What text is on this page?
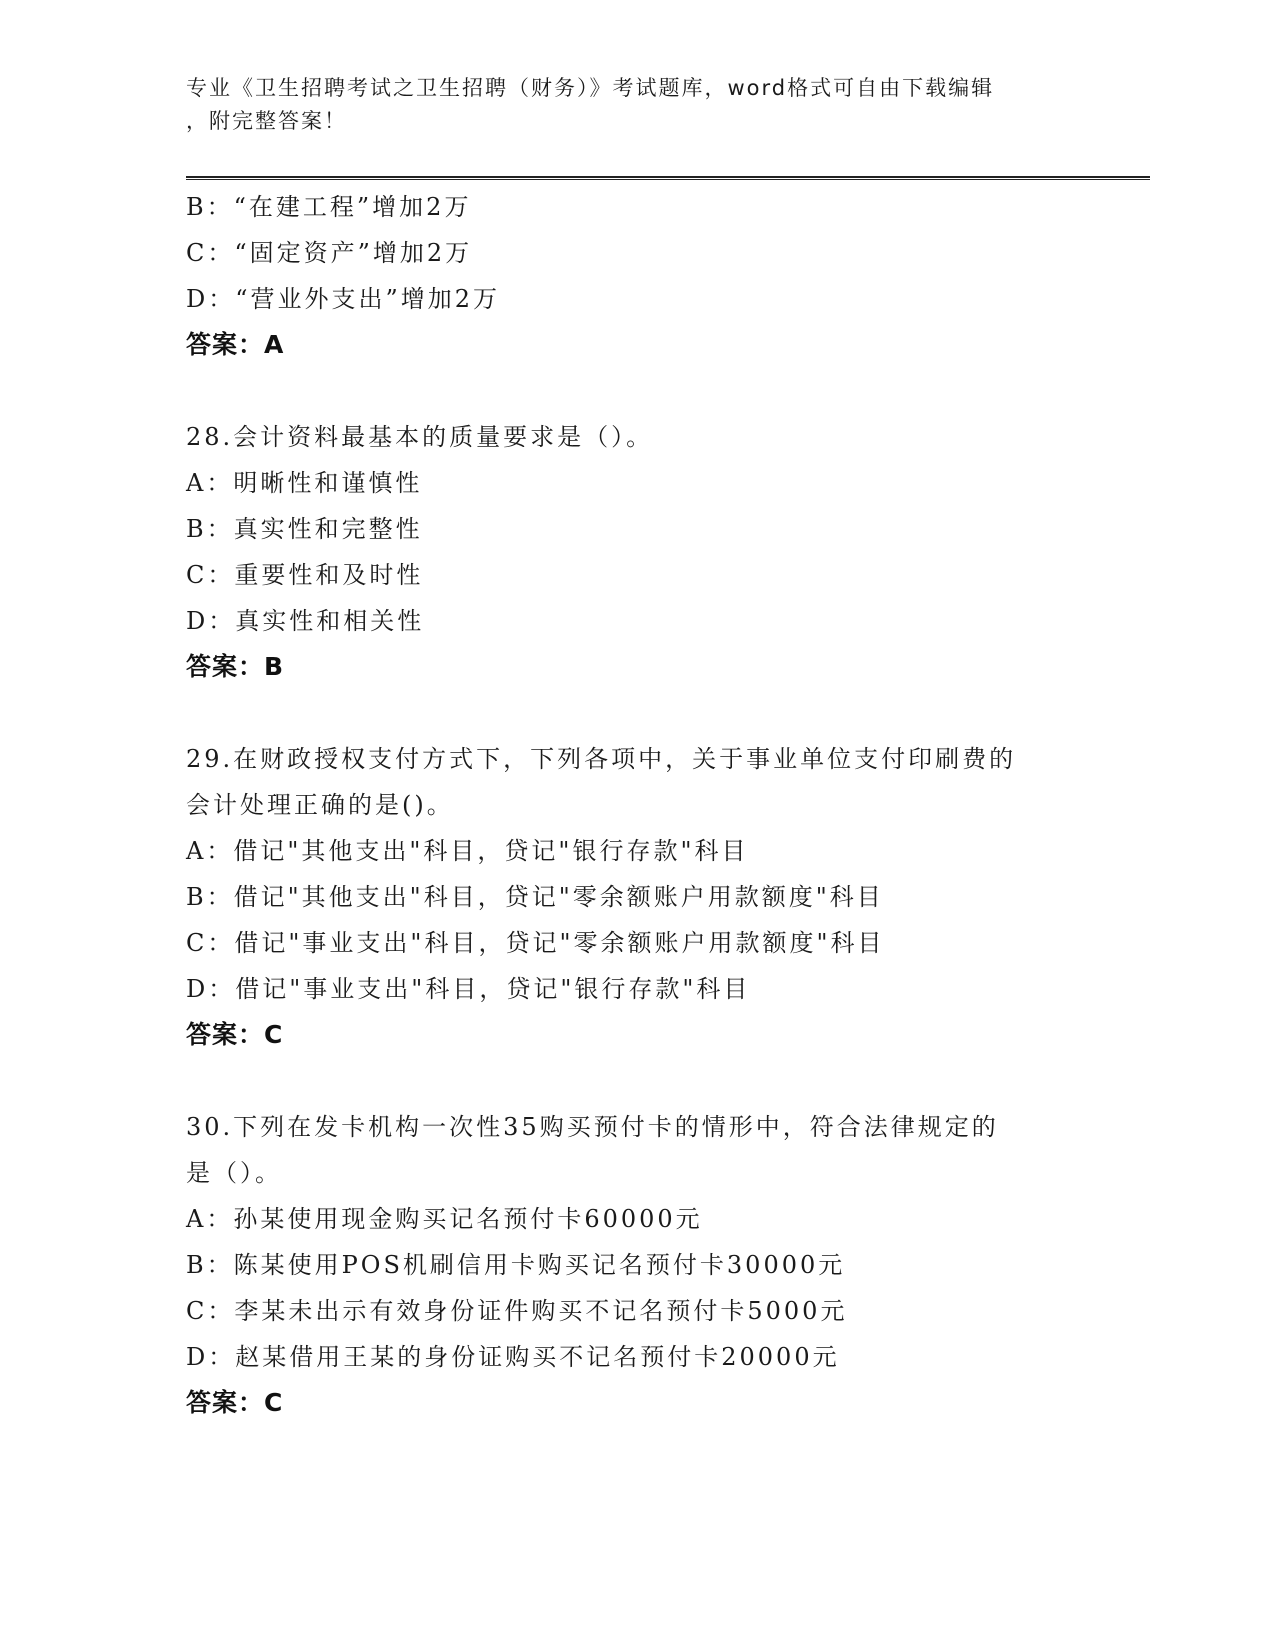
专业《卫生招聘考试之卫生招聘（财务）》考试题库，word格式可自由下载编辑
，附完整答案！
B：“在建工程”增加2万
C：“固定资产”增加2万
D：“营业外支出”增加2万
答案：A
28.会计资料最基本的质量要求是（）。
A：明晰性和谨慎性
B：真实性和完整性
C：重要性和及时性
D：真实性和相关性
答案：B
29.在财政授权支付方式下，下列各项中，关于事业单位支付印刷费的
会计处理正确的是()。
A：借记"其他支出"科目，贷记"银行存款"科目
B：借记"其他支出"科目，贷记"零余额账户用款额度"科目
C：借记"事业支出"科目，贷记"零余额账户用款额度"科目
D：借记"事业支出"科目，贷记"银行存款"科目
答案：C
30.下列在发卡机构一次性35购买预付卡的情形中，符合法律规定的
是（）。
A：孙某使用现金购买记名预付卡60000元
B：陈某使用POS机刷信用卡购买记名预付卡30000元
C：李某未出示有效身份证件购买不记名预付卡5000元
D：赵某借用王某的身份证购买不记名预付卡20000元
答案：C
